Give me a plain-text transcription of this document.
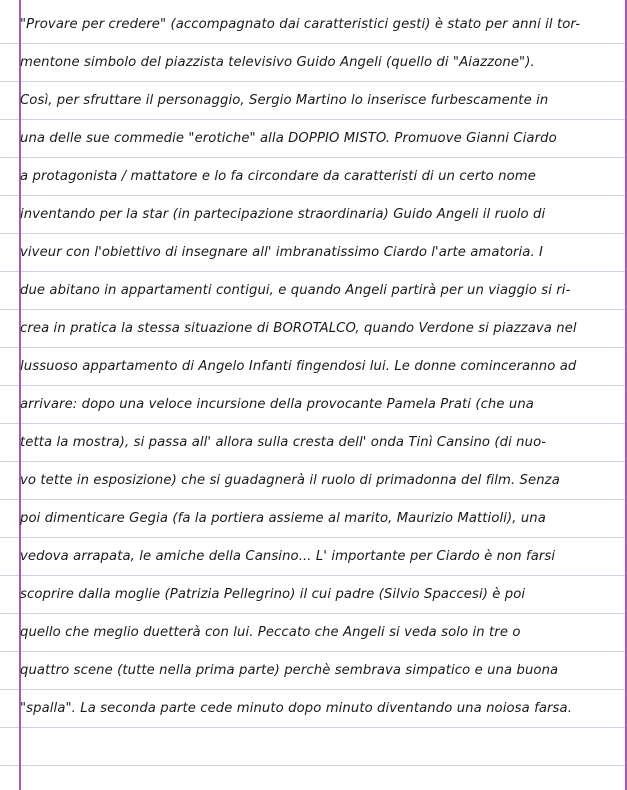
"Provare per credere" (accompagnato dai caratteristici gesti) è stato per anni il tor-
mentone simbolo del piazzista televisivo Guido Angeli (quello di "Aiazzone").
Così, per sfruttare il personaggio, Sergio Martino lo inserisce furbescamente in
una delle sue commedie "erotiche" alla DOPPIO MISTO. Promuove Gianni Ciardo
a protagonista / mattatore e lo fa circondare da caratteristi di un certo nome
inventando per la star (in partecipazione straordinaria) Guido Angeli il ruolo di
viveur con l'obiettivo di insegnare all' imbranatissimo Ciardo l'arte amatoria. I
due abitano in appartamenti contigui, e quando Angeli partirà per un viaggio si ri-
crea in pratica la stessa situazione di BOROTALCO, quando Verdone si piazzava nel
lussuoso appartamento di Angelo Infanti fingendosi lui. Le donne cominceranno ad
arrivare: dopo una veloce incursione della provocante Pamela Prati (che una
tetta la mostra), si passa all' allora sulla cresta dell' onda Tinì Cansino (di nuo-
vo tette in esposizione) che si guadagnerà il ruolo di primadonna del film. Senza
poi dimenticare Gegia (fa la portiera assieme al marito, Maurizio Mattioli), una
vedova arrapata, le amiche della Cansino... L' importante per Ciardo è non farsi
scoprire dalla moglie (Patrizia Pellegrino) il cui padre (Silvio Spaccesi) è poi
quello che meglio duetterà con lui. Peccato che Angeli si veda solo in tre o
quattro scene (tutte nella prima parte) perchè sembrava simpatico e una buona
"spalla". La seconda parte cede minuto dopo minuto diventando una noiosa farsa.
